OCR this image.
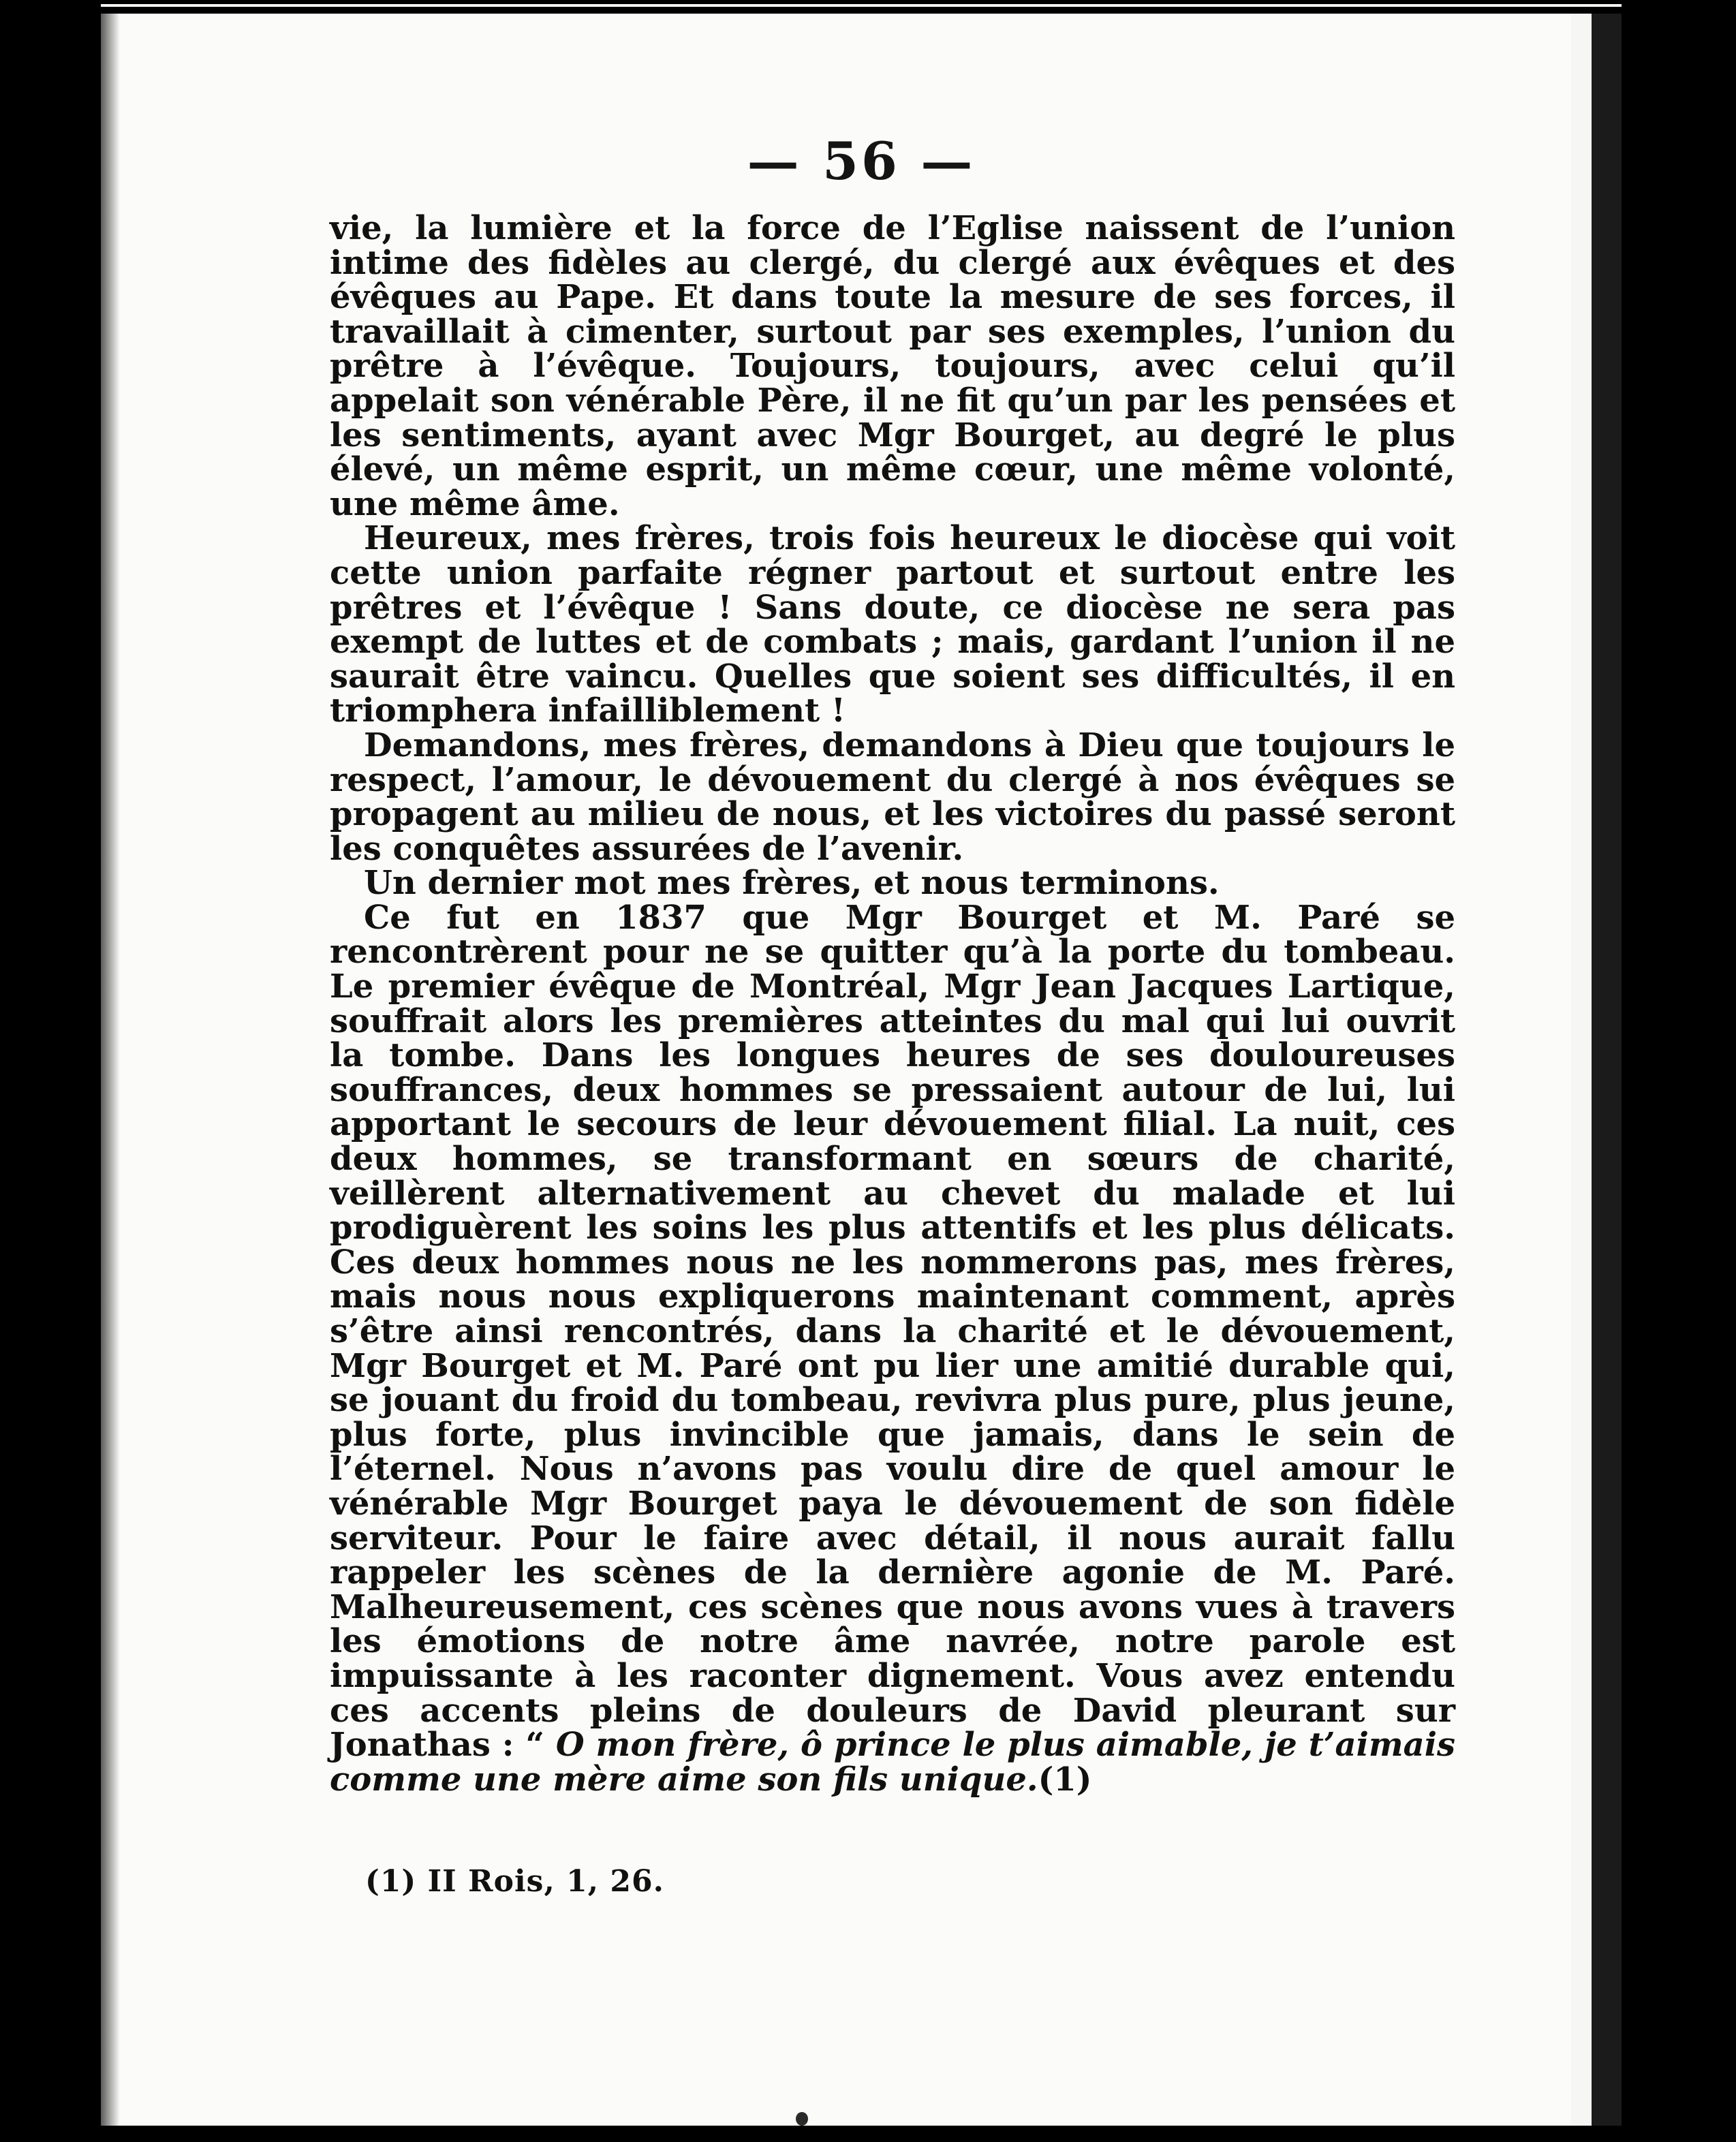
— 56 —

vie, la lumière et la force de l’Eglise naissent de l’union intime des fidèles au clergé, du clergé aux évêques et des évêques au Pape. Et dans toute la mesure de ses forces, il travaillait à cimenter, surtout par ses exemples, l’union du prêtre à l’évêque. Toujours, toujours, avec celui qu’il appelait son vénérable Père, il ne fit qu’un par les pensées et les sentiments, ayant avec Mgr Bourget, au degré le plus élevé, un même esprit, un même cœur, une même volonté, une même âme.

Heureux, mes frères, trois fois heureux le diocèse qui voit cette union parfaite régner partout et surtout entre les prêtres et l’évêque ! Sans doute, ce diocèse ne sera pas exempt de luttes et de combats ; mais, gardant l’union il ne saurait être vaincu. Quelles que soient ses difficultés, il en triomphera infailliblement !

Demandons, mes frères, demandons à Dieu que toujours le respect, l’amour, le dévouement du clergé à nos évêques se propagent au milieu de nous, et les victoires du passé seront les conquêtes assurées de l’avenir.

Un dernier mot mes frères, et nous terminons.

Ce fut en 1837 que Mgr Bourget et M. Paré se rencontrèrent pour ne se quitter qu’à la porte du tombeau. Le premier évêque de Montréal, Mgr Jean Jacques Lartique, souffrait alors les premières atteintes du mal qui lui ouvrit la tombe. Dans les longues heures de ses douloureuses souffrances, deux hommes se pressaient autour de lui, lui apportant le secours de leur dévouement filial. La nuit, ces deux hommes, se transformant en sœurs de charité, veillèrent alternativement au chevet du malade et lui prodiguèrent les soins les plus attentifs et les plus délicats. Ces deux hommes nous ne les nommerons pas, mes frères, mais nous nous expliquerons maintenant comment, après s’être ainsi rencontrés, dans la charité et le dévouement, Mgr Bourget et M. Paré ont pu lier une amitié durable qui, se jouant du froid du tombeau, revivra plus pure, plus jeune, plus forte, plus invincible que jamais, dans le sein de l’éternel. Nous n’avons pas voulu dire de quel amour le vénérable Mgr Bourget paya le dévouement de son fidèle serviteur. Pour le faire avec détail, il nous aurait fallu rappeler les scènes de la dernière agonie de M. Paré. Malheureusement, ces scènes que nous avons vues à travers les émotions de notre âme navrée, notre parole est impuissante à les raconter dignement. Vous avez entendu ces accents pleins de douleurs de David pleurant sur Jonathas : “ O mon frère, ô prince le plus aimable, je t’aimais comme une mère aime son fils unique.(1)

(1) II Rois, 1, 26.
